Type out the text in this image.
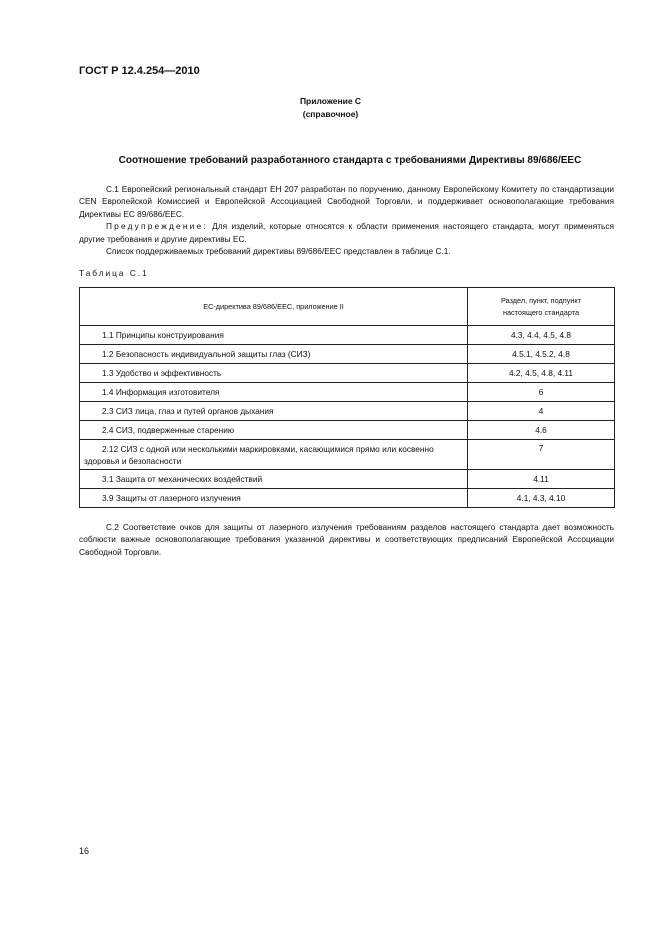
ГОСТ Р 12.4.254—2010
Приложение С
(справочное)
Соотношение требований разработанного стандарта с требованиями Директивы 89/686/EEC
С.1 Европейский региональный стандарт ЕН 207 разработан по поручению, данному Европейскому Комитету по стандартизации CEN Европейской Комиссией и Европейской Ассоциацией Свободной Торговли, и поддерживает основополагающие требования Директивы ЕС 89/686/EEC.
Предупреждение: Для изделий, которые относятся к области применения настоящего стандарта, могут применяться другие требования и другие директивы ЕС.
Список поддерживаемых требований директивы 89/686/EEC представлен в таблице С.1.
Таблица С.1
ЕС-директива 89/686/EEC, приложение II	Раздел, пункт, подпункт настоящего стандарта

1.1 Принципы конструирования	4.3, 4.4, 4.5, 4.8
1.2 Безопасность индивидуальной защиты глаз (СИЗ)	4.5.1, 4.5.2, 4.8
1.3 Удобство и эффективность	4.2, 4.5, 4.8, 4.11
1.4 Информация изготовителя	6
2.3 СИЗ лица, глаз и путей органов дыхания	4
2.4 СИЗ, подверженные старению	4.6
2.12 СИЗ с одной или несколькими маркировками, касающимися прямо или косвенно здоровья и безопасности	7
3.1 Защита от механических воздействий	4.11
3.9 Защиты от лазерного излучения	4.1, 4.3, 4.10
С.2 Соответствие очков для защиты от лазерного излучения требованиям разделов настоящего стандарта дает возможность соблюсти важные основополагающие требования указанной директивы и соответствующих предписаний Европейской Ассоциации Свободной Торговли.
16
